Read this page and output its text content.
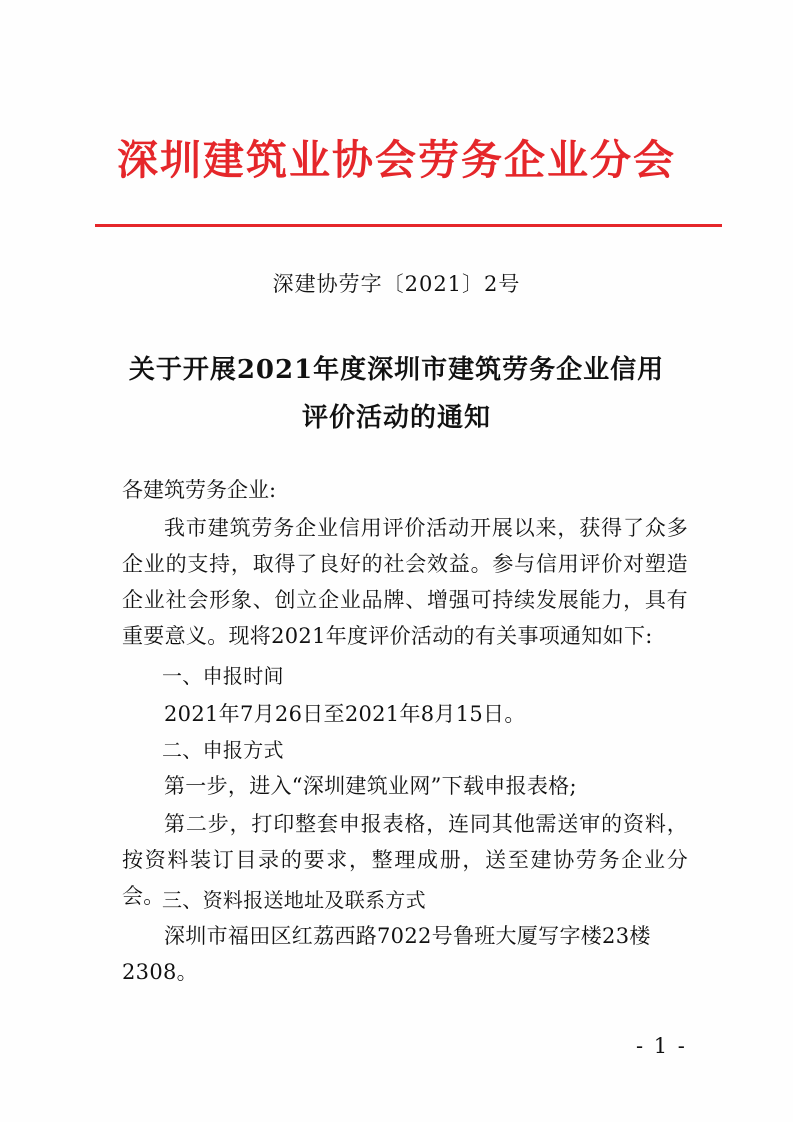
深圳建筑业协会劳务企业分会
深建协劳字〔2021〕2号
关于开展2021年度深圳市建筑劳务企业信用评价活动的通知
各建筑劳务企业:
我市建筑劳务企业信用评价活动开展以来，获得了众多企业的支持，取得了良好的社会效益。参与信用评价对塑造企业社会形象、创立企业品牌、增强可持续发展能力，具有重要意义。现将2021年度评价活动的有关事项通知如下:
一、申报时间
2021年7月26日至2021年8月15日。
二、申报方式
第一步，进入“深圳建筑业网”下载申报表格;
第二步，打印整套申报表格，连同其他需送审的资料，按资料装订目录的要求，整理成册，送至建协劳务企业分会。
三、资料报送地址及联系方式
深圳市福田区红荔西路7022号鲁班大厦写字楼23楼2308。
- 1 -
